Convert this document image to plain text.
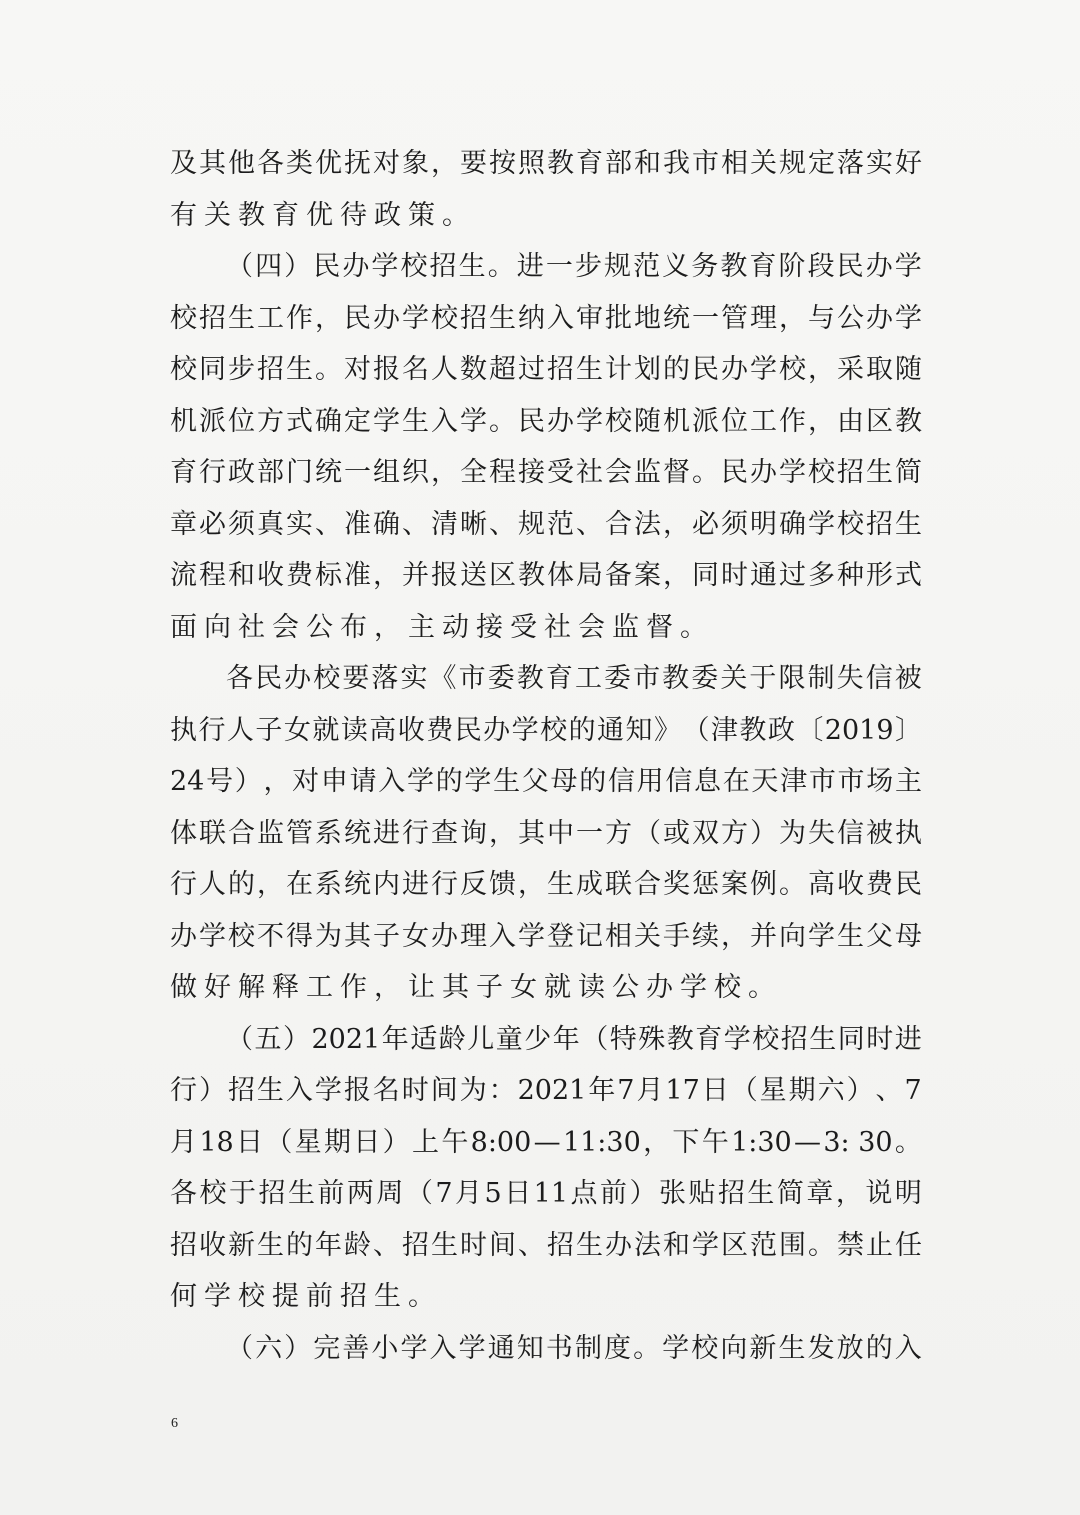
及 其 他 各 类 优 抚 对 象 ， 要 按 照 教 育 部 和 我 市 相 关 规 定 落 实 好
有关教育优待政策。
（ 四 ） 民 办 学 校 招 生 。 进 一 步 规 范 义 务 教 育 阶 段 民 办 学
校 招 生 工 作 ， 民 办 学 校 招 生 纳 入 审 批 地 统 一 管 理 ， 与 公 办 学
校 同 步 招 生 。 对 报 名 人 数 超 过 招 生 计 划 的 民 办 学 校 ， 采 取 随
机 派 位 方 式 确 定 学 生 入 学 。 民 办 学 校 随 机 派 位 工 作 ， 由 区 教
育 行 政 部 门 统 一 组 织 ， 全 程 接 受 社 会 监 督 。 民 办 学 校 招 生 简
章 必 须 真 实 、 准 确 、 清 晰 、 规 范 、 合 法 ， 必 须 明 确 学 校 招 生
流 程 和 收 费 标 准 ， 并 报 送 区 教 体 局 备 案 ， 同 时 通 过 多 种 形 式
面向社会公布，主动接受社会监督。
各 民 办 校 要 落 实 《 市 委 教 育 工 委 市 教 委 关 于 限 制 失 信 被
执 行 人 子 女 就 读 高 收 费 民 办 学 校 的 通 知 》 （ 津 教 政 〔 2019 〕
24 号 ） ， 对 申 请 入 学 的 学 生 父 母 的 信 用 信 息 在 天 津 市 市 场 主
体 联 合 监 管 系 统 进 行 查 询 ， 其 中 一 方 （ 或 双 方 ） 为 失 信 被 执
行 人 的 ， 在 系 统 内 进 行 反 馈 ， 生 成 联 合 奖 惩 案 例 。 高 收 费 民
办 学 校 不 得 为 其 子 女 办 理 入 学 登 记 相 关 手 续 ， 并 向 学 生 父 母
做好解释工作，让其子女就读公办学校。
（ 五 ） 2021 年 适 龄 儿 童 少 年 （ 特 殊 教 育 学 校 招 生 同 时 进
行 ） 招 生 入 学 报 名 时 间 为 ： 2021 年 7 月 17 日 （ 星 期 六 ） 、 7
月 18 日 （ 星 期 日 ） 上 午 8:00 — 11:30 ， 下 午 1:30 — 3: 30 。
各 校 于 招 生 前 两 周 （ 7 月 5 日 11 点 前 ） 张 贴 招 生 简 章 ， 说 明
招 收 新 生 的 年 龄 、 招 生 时 间 、 招 生 办 法 和 学 区 范 围 。 禁 止 任
何学校提前招生。
（ 六 ） 完 善 小 学 入 学 通 知 书 制 度 。 学 校 向 新 生 发 放 的 入
6
